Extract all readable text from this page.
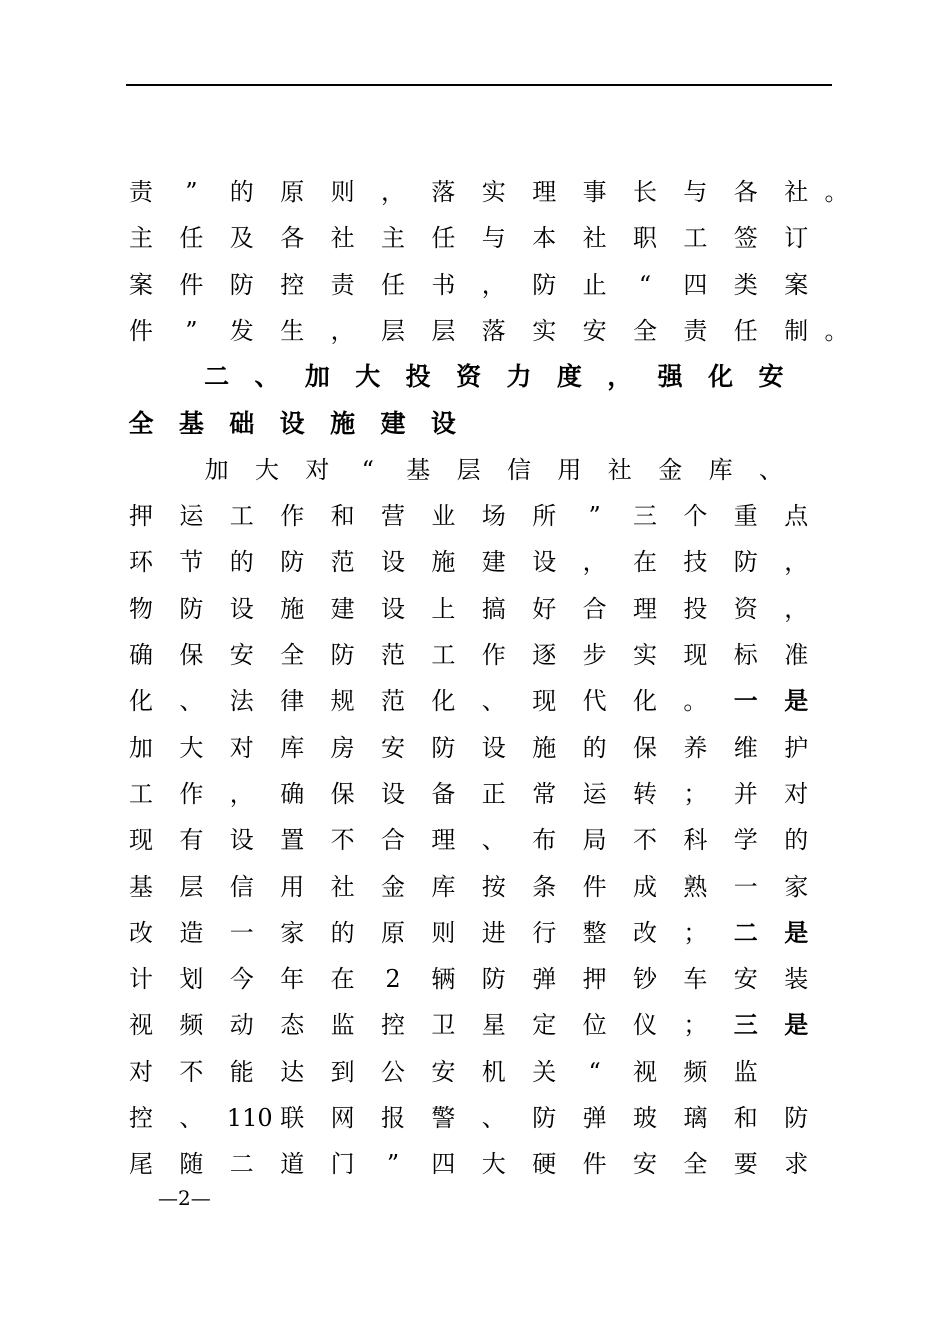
责	”	的 原 则 ， 落 实 理 事 长 与 各 社 。
主 任 及 各 社 主 任 与 本 社 职 工 签 订
案 件 防 控 责 任 书 ， 防 止	“	四 类 案
件	”	发 生 ， 层 层 落 实 安 全 责 任 制 。
二 、 加 大 投 资 力 度 ， 强 化 安
全 基 础 设 施 建 设
加 大 对	“	基 层 信 用 社 金 库 、
押 运 工 作 和 营 业 场 所	”	三 个 重 点
环 节 的 防 范 设 施 建 设 ， 在 技 防 ，
物 防 设 施 建 设 上 搞 好 合 理 投 资 ，
确 保 安 全 防 范 工 作 逐 步 实 现 标 准
化 、 法 律 规 范 化 、 现 代 化 。 一 是
加 大 对 库 房 安 防 设 施 的 保 养 维 护
工 作 ， 确 保 设 备 正 常 运 转 ； 并 对
现 有 设 置 不 合 理 、 布 局 不 科 学 的
基 层 信 用 社 金 库 按 条 件 成 熟 一 家
改 造 一 家 的 原 则 进 行 整 改 ； 二 是
计 划 今 年 在	2	辆 防 弹 押 钞 车 安 装
视 频 动 态 监 控 卫 星 定 位 仪 ； 三 是
对 不 能 达 到 公 安 机 关	“	视 频 监
控 、 110 联 网 报 警 、 防 弹 玻 璃 和 防
尾 随 二 道 门	”	四 大 硬 件 安 全 要 求
—2—
